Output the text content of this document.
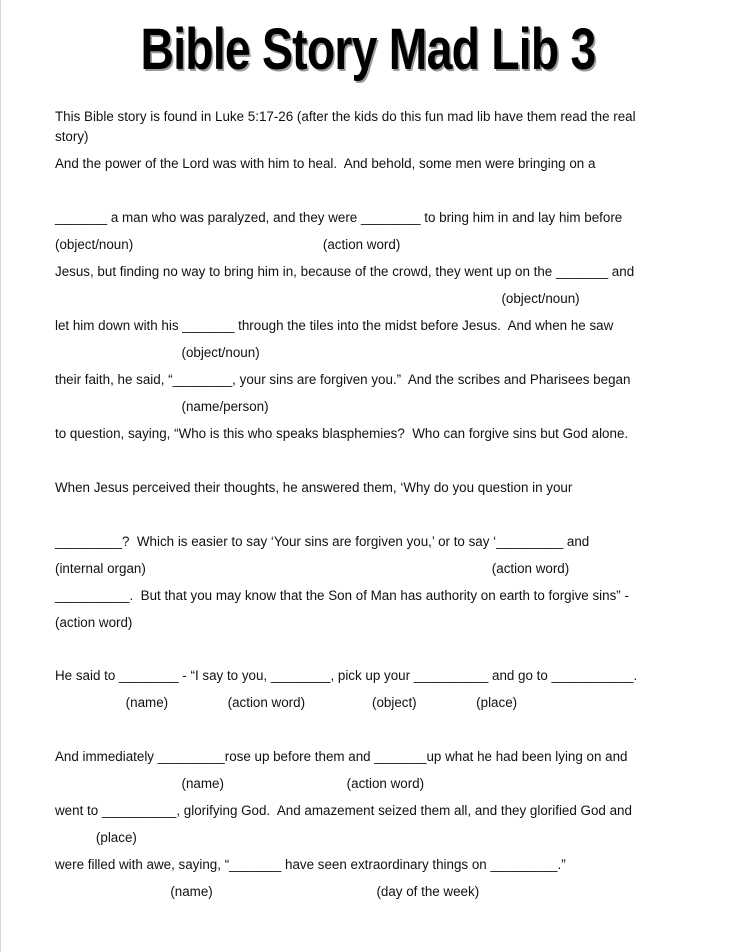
Bible Story Mad Lib 3
This Bible story is found in Luke 5:17-26 (after the kids do this fun mad lib have them read the real
story)
And the power of the Lord was with him to heal.  And behold, some men were bringing on a
_______ a man who was paralyzed, and they were ________ to bring him in and lay him before
(object/noun)                                                   (action word)
Jesus, but finding no way to bring him in, because of the crowd, they went up on the _______ and
(object/noun)
let him down with his _______ through the tiles into the midst before Jesus.  And when he saw
(object/noun)
their faith, he said, “________, your sins are forgiven you.”  And the scribes and Pharisees began
(name/person)
to question, saying, “Who is this who speaks blasphemies?  Who can forgive sins but God alone.
When Jesus perceived their thoughts, he answered them, ‘Why do you question in your
_________?  Which is easier to say ‘Your sins are forgiven you,’ or to say ‘_________ and
(internal organ)                                                                                             (action word)
__________.  But that you may know that the Son of Man has authority on earth to forgive sins” -
(action word)
He said to ________ - “I say to you, ________, pick up your __________ and go to ___________.
(name)                (action word)                  (object)                (place)
And immediately _________rose up before them and _______up what he had been lying on and
(name)                                 (action word)
went to __________, glorifying God.  And amazement seized them all, and they glorified God and
(place)
were filled with awe, saying, “_______ have seen extraordinary things on _________.”
(name)                                            (day of the week)
